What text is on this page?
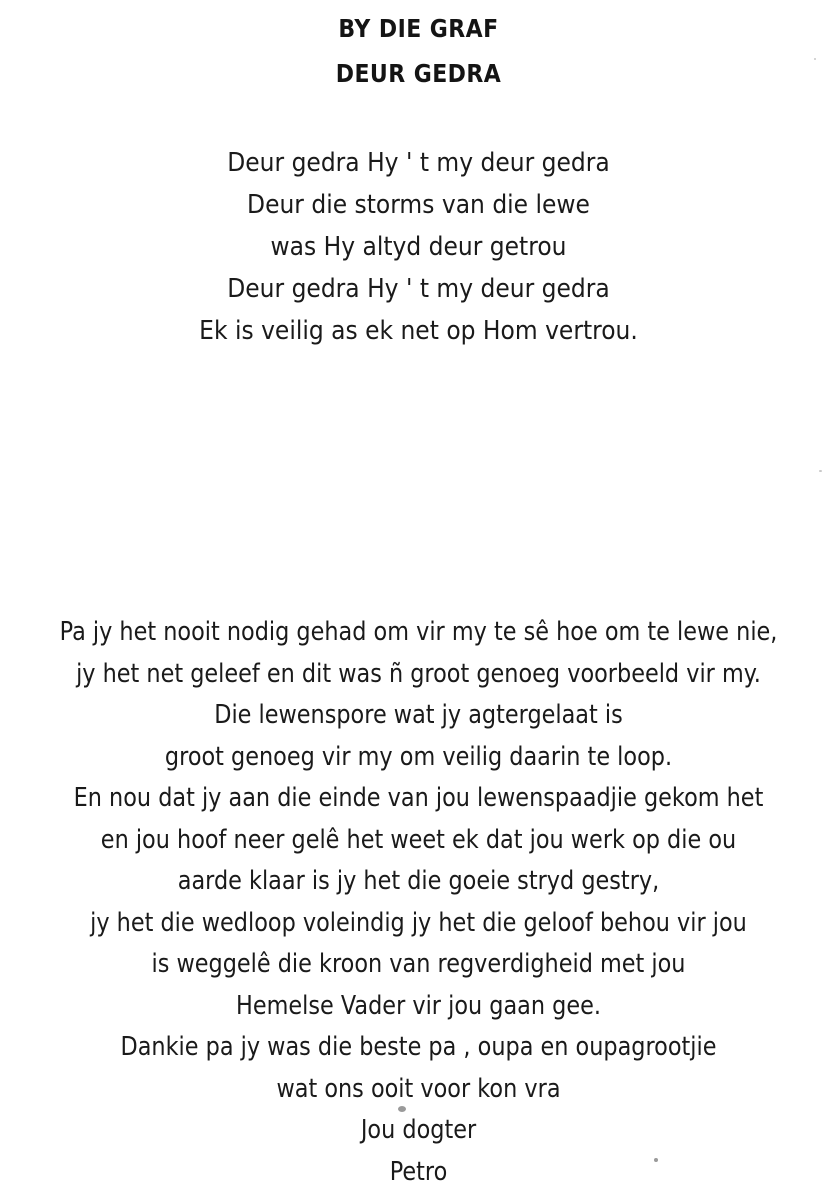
BY DIE GRAF
DEUR GEDRA
Deur gedra Hy ' t my deur gedra
Deur die storms van die lewe
was Hy altyd deur getrou
Deur gedra Hy ' t my deur gedra
Ek is veilig as ek net op Hom vertrou.
Pa jy het nooit nodig gehad om vir my te sê hoe om te lewe nie,
jy het net geleef en dit was ñ groot genoeg voorbeeld vir my.
Die lewenspore wat jy agtergelaat is
groot genoeg vir my om veilig daarin te loop.
En nou dat jy aan die einde van jou lewenspaadjie gekom het
en jou hoof neer gelê het weet ek dat jou werk op die ou
aarde klaar is jy het die goeie stryd gestry,
jy het die wedloop voleindig jy het die geloof behou vir jou
is weggelê die kroon van regverdigheid met jou
Hemelse Vader vir jou gaan gee.
Dankie pa jy was die beste pa , oupa en oupagrootjie
wat ons ooit voor kon vra
Jou dogter
Petro
